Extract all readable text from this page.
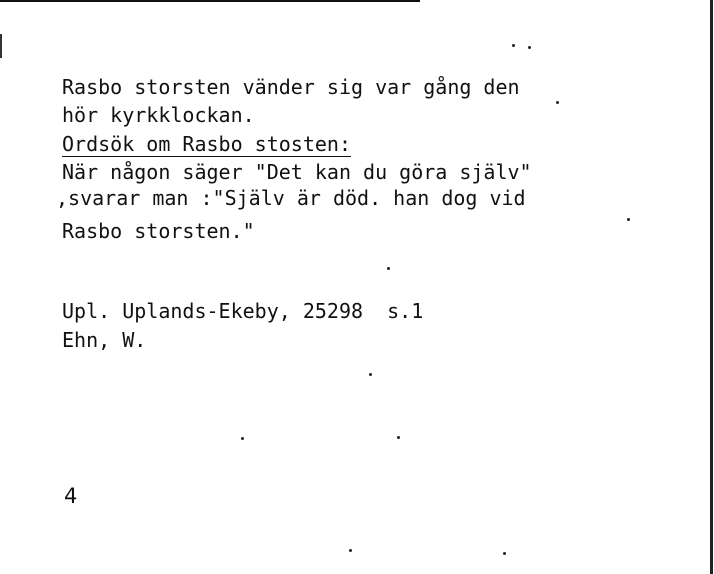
Rasbo storsten vänder sig var gång den
hör kyrkklockan.
Ordsök om Rasbo stosten:
När någon säger "Det kan du göra själv"
,svarar man :"Själv är död. han dog vid
Rasbo storsten."
Upl. Uplands-Ekeby, 25298  s.1
Ehn, W.
4
